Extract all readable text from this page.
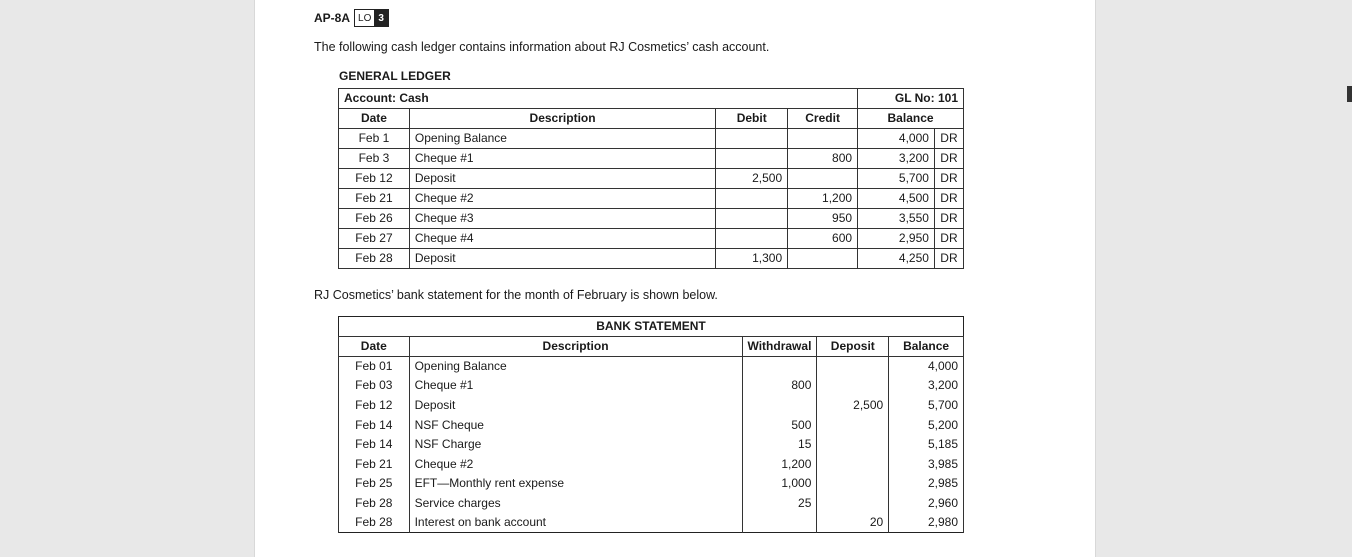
AP-8A LO 3
The following cash ledger contains information about RJ Cosmetics’ cash account.
GENERAL LEDGER
Account: Cash				GL No: 101	
Date	Description	Debit	Credit	Balance	
Feb 1	Opening Balance			4,000	DR
Feb 3	Cheque #1		800	3,200	DR
Feb 12	Deposit	2,500		5,700	DR
Feb 21	Cheque #2		1,200	4,500	DR
Feb 26	Cheque #3		950	3,550	DR
Feb 27	Cheque #4		600	2,950	DR
Feb 28	Deposit	1,300		4,250	DR
RJ Cosmetics’ bank statement for the month of February is shown below.
BANK STATEMENT				
Date	Description	Withdrawal	Deposit	Balance
Feb 01	Opening Balance			4,000
Feb 03	Cheque #1	800		3,200
Feb 12	Deposit		2,500	5,700
Feb 14	NSF Cheque	500		5,200
Feb 14	NSF Charge	15		5,185
Feb 21	Cheque #2	1,200		3,985
Feb 25	EFT—Monthly rent expense	1,000		2,985
Feb 28	Service charges	25		2,960
Feb 28	Interest on bank account		20	2,980
